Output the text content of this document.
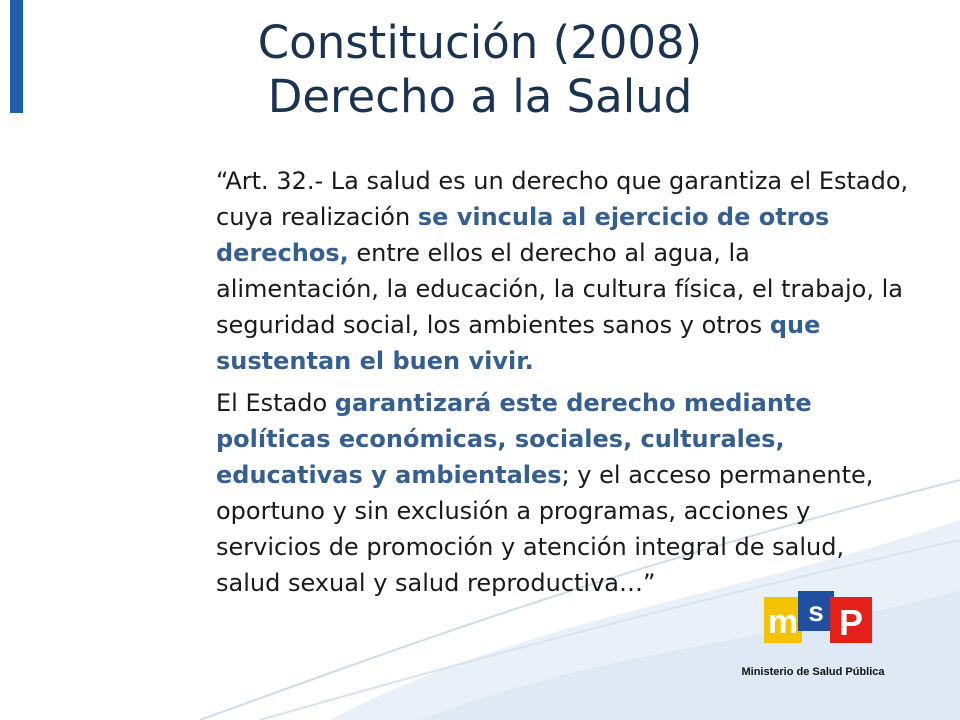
Constitución (2008)
Derecho a la Salud

“Art. 32.- La salud es un derecho que garantiza el Estado, cuya realización se vincula al ejercicio de otros derechos, entre ellos el derecho al agua, la alimentación, la educación, la cultura física, el trabajo, la seguridad social, los ambientes sanos y otros que sustentan el buen vivir.

El Estado garantizará este derecho mediante políticas económicas, sociales, culturales, educativas y ambientales; y el acceso permanente, oportuno y sin exclusión a programas, acciones y servicios de promoción y atención integral de salud, salud sexual y salud reproductiva…”

m s P
Ministerio de Salud Pública
